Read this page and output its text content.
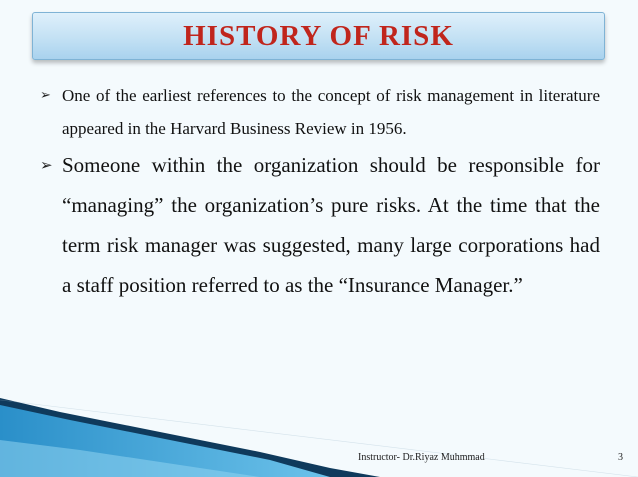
HISTORY OF RISK
➢ One of the earliest references to the concept of risk management in literature appeared in the Harvard Business Review in 1956.
➢ Someone within the organization should be responsible for “managing” the organization’s pure risks. At the time that the term risk manager was suggested, many large corporations had a staff position referred to as the “Insurance Manager.”
Instructor- Dr.Riyaz Muhmmad	3
